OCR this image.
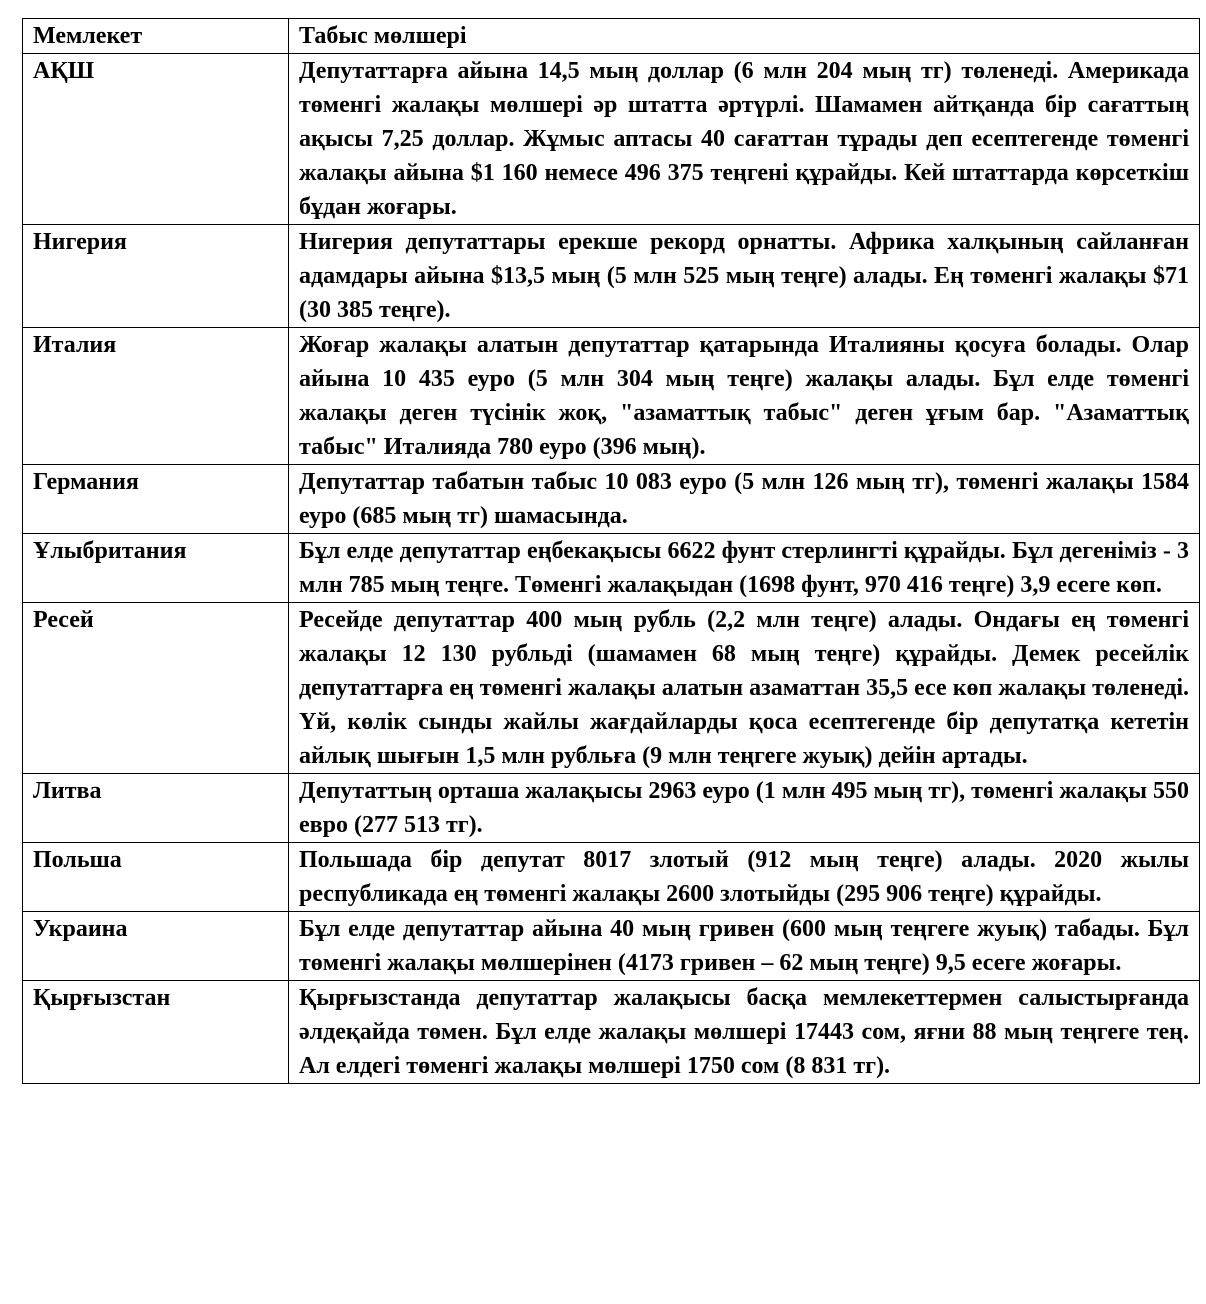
Мемлекет	Табыс мөлшері
АҚШ	Депутаттарға айына 14,5 мың доллар (6 млн 204 мың тг) төленеді. Америкада төменгі жалақы мөлшері әр штатта әртүрлі. Шамамен айтқанда бір сағаттың ақысы 7,25 доллар. Жұмыс аптасы 40 сағаттан тұрады деп есептегенде төменгі жалақы айына $1 160 немесе 496 375 теңгені құрайды. Кей штаттарда көрсеткіш бұдан жоғары.
Нигерия	Нигерия депутаттары ерекше рекорд орнатты. Африка халқының сайланған адамдары айына $13,5 мың (5 млн 525 мың теңге) алады. Ең төменгі жалақы $71 (30 385 теңге).
Италия	Жоғар жалақы алатын депутаттар қатарында Италияны қосуға болады. Олар айына 10 435 еуро (5 млн 304 мың теңге) жалақы алады. Бұл елде төменгі жалақы деген түсінік жоқ, "азаматтық табыс" деген ұғым бар. "Азаматтық табыс" Италияда 780 еуро (396 мың).
Германия	Депутаттар табатын табыс 10 083 еуро (5 млн 126 мың тг), төменгі жалақы 1584 еуро (685 мың тг) шамасында.
Ұлыбритания	Бұл елде депутаттар еңбекақысы 6622 фунт стерлингті құрайды. Бұл дегеніміз - 3 млн 785 мың теңге. Төменгі жалақыдан (1698 фунт, 970 416 теңге) 3,9 есеге көп.
Ресей	Ресейде депутаттар 400 мың рубль (2,2 млн теңге) алады. Ондағы ең төменгі жалақы 12 130 рубльді (шамамен 68 мың теңге) құрайды. Демек ресейлік депутаттарға ең төменгі жалақы алатын азаматтан 35,5 есе көп жалақы төленеді. Үй, көлік сынды жайлы жағдайларды қоса есептегенде бір депутатқа кететін айлық шығын 1,5 млн рубльға (9 млн теңгеге жуық) дейін артады.
Литва	Депутаттың орташа жалақысы 2963 еуро (1 млн 495 мың тг), төменгі жалақы 550 евро (277 513 тг).
Польша	Польшада бір депутат 8017 злотый (912 мың теңге) алады. 2020 жылы республикада ең төменгі жалақы 2600 злотыйды (295 906 теңге) құрайды.
Украина	Бұл елде депутаттар айына 40 мың гривен (600 мың теңгеге жуық) табады. Бұл төменгі жалақы мөлшерінен (4173 гривен – 62 мың теңге) 9,5 есеге жоғары.
Қырғызстан	Қырғызстанда депутаттар жалақысы басқа мемлекеттермен салыстырғанда әлдеқайда төмен. Бұл елде жалақы мөлшері 17443 сом, яғни 88 мың теңгеге тең. Ал елдегі төменгі жалақы мөлшері 1750 сом (8 831 тг).
